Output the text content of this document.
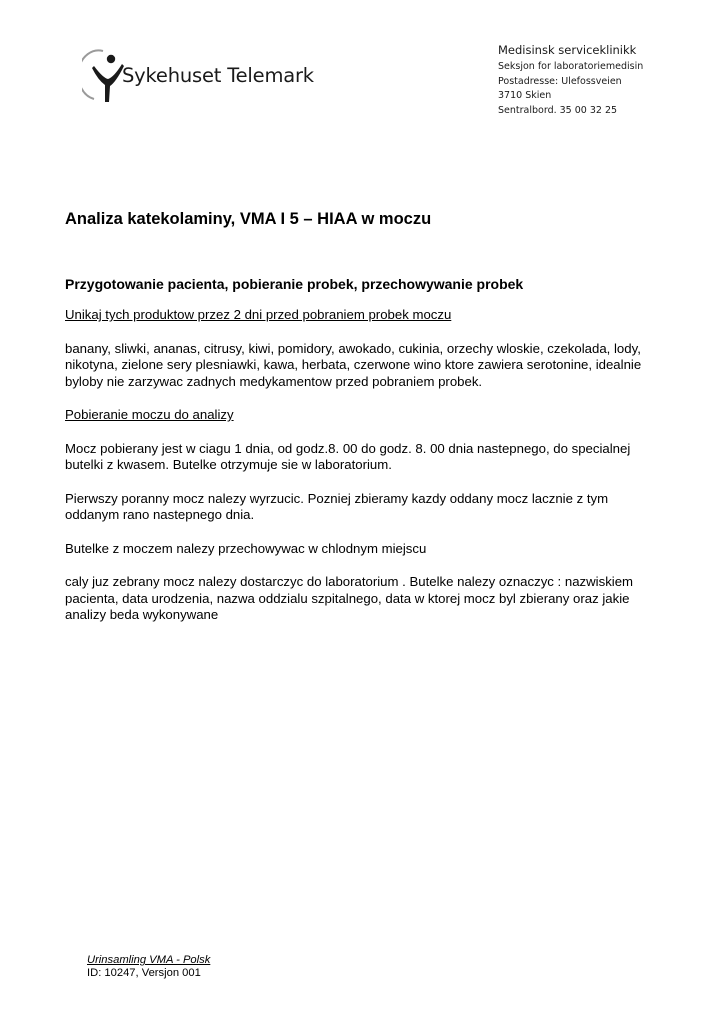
Sykehuset Telemark
Medisinsk serviceklinikk
Seksjon for laboratoriemedisin
Postadresse: Ulefossveien
3710 Skien
Sentralbord. 35 00 32 25
Analiza katekolaminy, VMA I 5 – HIAA w moczu
Przygotowanie pacienta, pobieranie probek, przechowywanie probek

Unikaj tych produktow przez 2 dni przed pobraniem probek moczu

banany, sliwki, ananas, citrusy, kiwi, pomidory, awokado, cukinia, orzechy wloskie, czekolada, lody, nikotyna, zielone sery plesniawki, kawa, herbata, czerwone wino ktore zawiera serotonine, idealnie byloby nie zarzywac zadnych medykamentow przed pobraniem probek.

Pobieranie moczu do analizy

Mocz pobierany jest w ciagu 1 dnia, od godz.8. 00 do godz. 8. 00 dnia nastepnego, do specialnej butelki z kwasem. Butelke otrzymuje sie w laboratorium.

Pierwszy poranny mocz nalezy wyrzucic. Pozniej zbieramy kazdy oddany mocz lacznie z tym oddanym rano nastepnego dnia.

Butelke z moczem nalezy przechowywac w chlodnym miejscu

caly juz zebrany mocz nalezy dostarczyc do laboratorium . Butelke nalezy oznaczyc : nazwiskiem pacienta, data urodzenia, nazwa oddzialu szpitalnego, data w ktorej mocz byl zbierany oraz jakie analizy beda wykonywane

Urinsamling VMA - Polsk
ID: 10247, Versjon 001
